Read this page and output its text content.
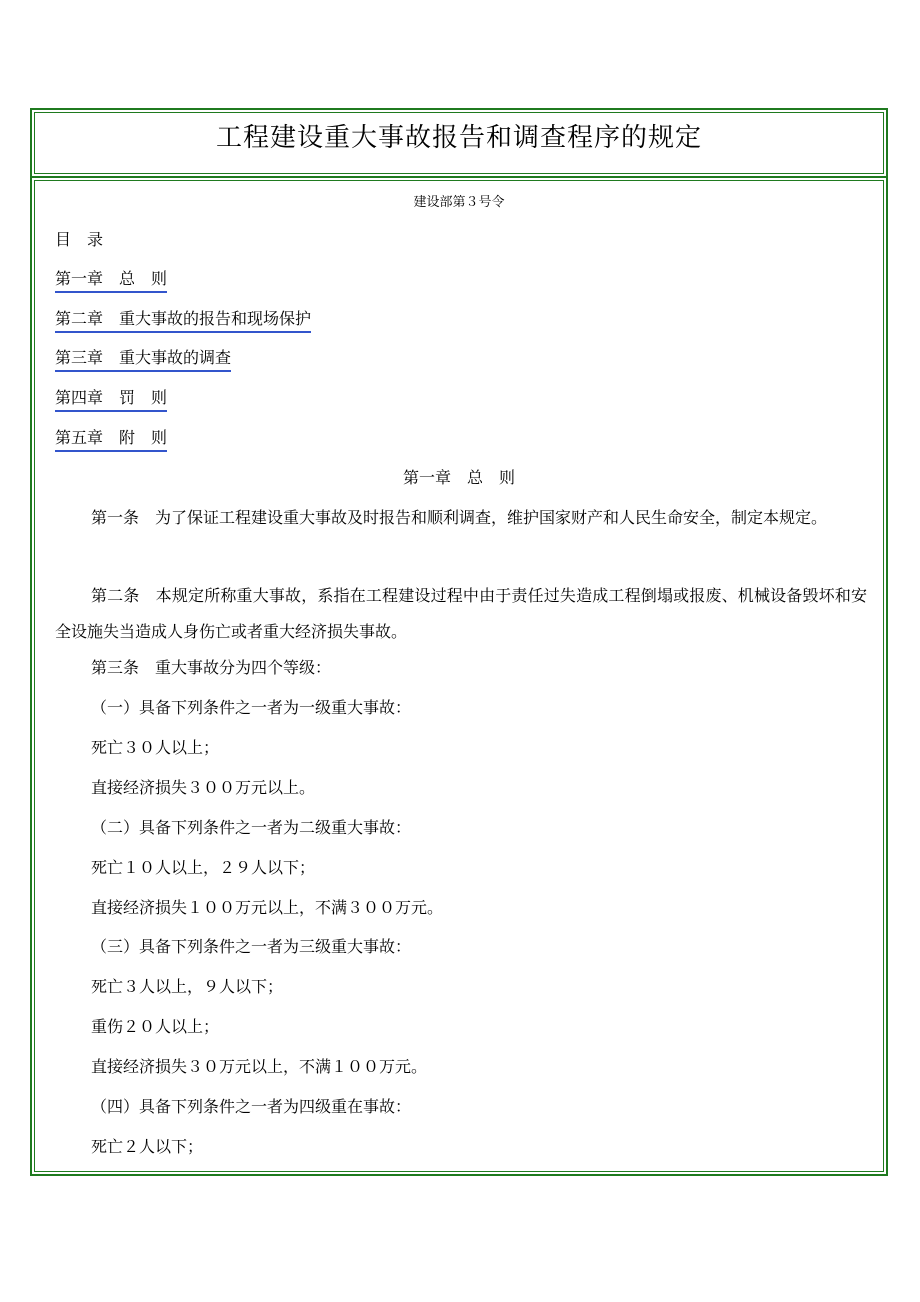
工程建设重大事故报告和调查程序的规定
建设部第３号令
目　录
第一章　总　则
第二章　重大事故的报告和现场保护
第三章　重大事故的调查
第四章　罚　则
第五章　附　则
第一章　总　则
第一条　为了保证工程建设重大事故及时报告和顺利调查，维护国家财产和人民生命安全，制定本规定。
第二条　本规定所称重大事故，系指在工程建设过程中由于责任过失造成工程倒塌或报废、机械设备毁坏和安全设施失当造成人身伤亡或者重大经济损失事故。
第三条　重大事故分为四个等级：
（一）具备下列条件之一者为一级重大事故：
死亡３０人以上；
直接经济损失３００万元以上。
（二）具备下列条件之一者为二级重大事故：
死亡１０人以上，２９人以下；
直接经济损失１００万元以上，不满３００万元。
（三）具备下列条件之一者为三级重大事故：
死亡３人以上，９人以下；
重伤２０人以上；
直接经济损失３０万元以上，不满１００万元。
（四）具备下列条件之一者为四级重在事故：
死亡２人以下；
